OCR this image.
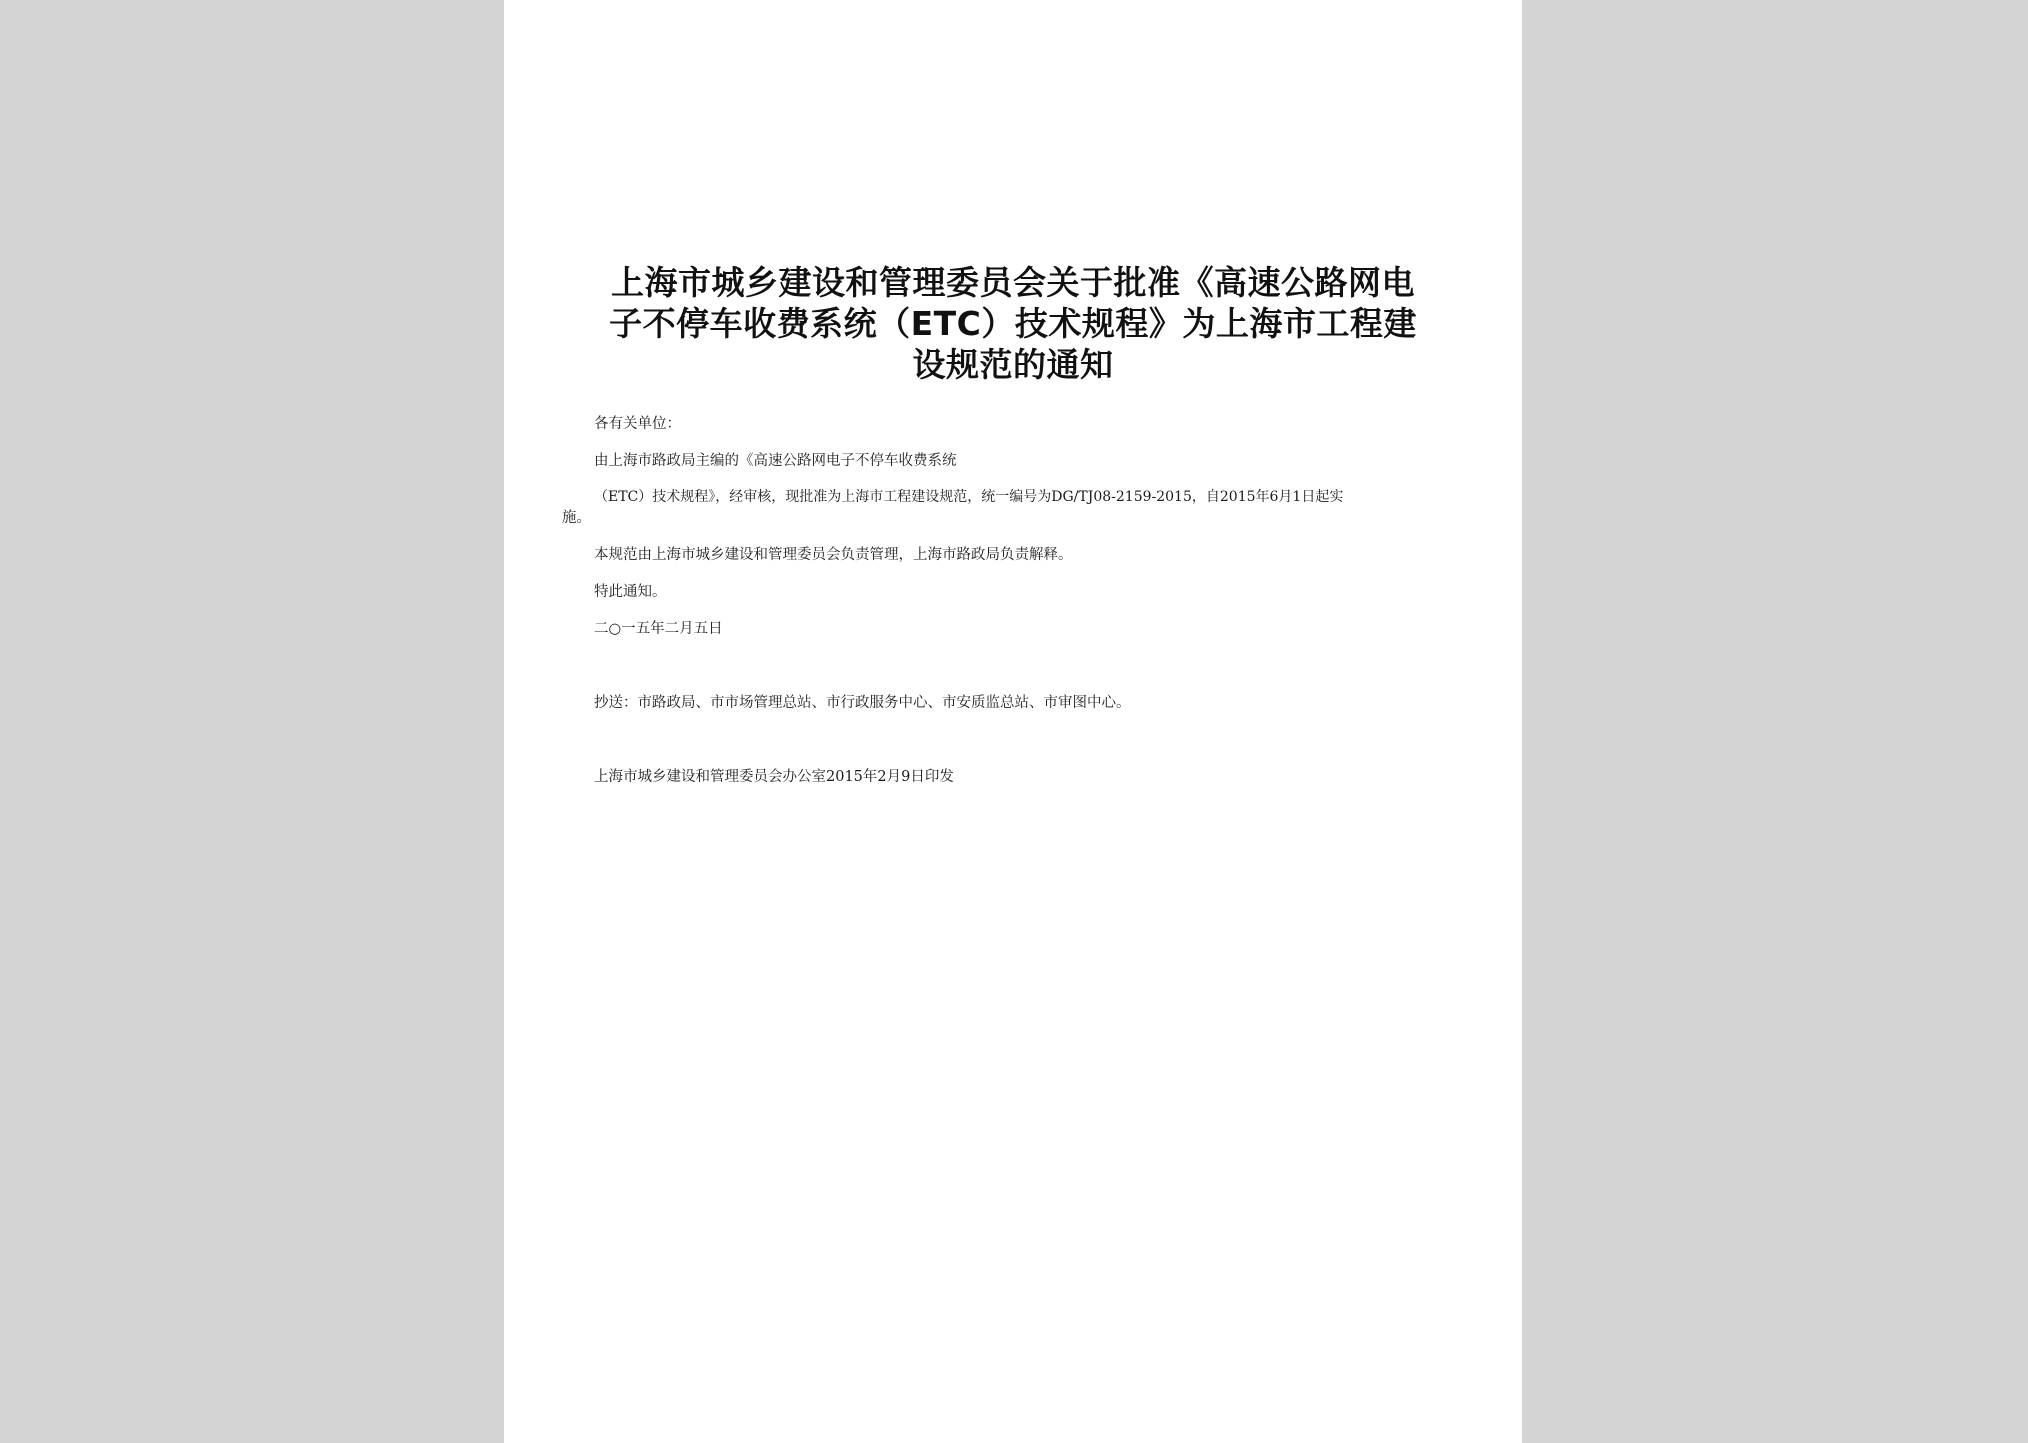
上海市城乡建设和管理委员会关于批准《高速公路网电
子不停车收费系统（ETC）技术规程》为上海市工程建
设规范的通知
各有关单位：
由上海市路政局主编的《高速公路网电子不停车收费系统
（ETC）技术规程》，经审核，现批准为上海市工程建设规范，统一编号为DG/TJ08-2159-2015，自2015年6月1日起实
施。
本规范由上海市城乡建设和管理委员会负责管理，上海市路政局负责解释。
特此通知。
二○一五年二月五日
抄送：市路政局、市市场管理总站、市行政服务中心、市安质监总站、市审图中心。
上海市城乡建设和管理委员会办公室2015年2月9日印发
